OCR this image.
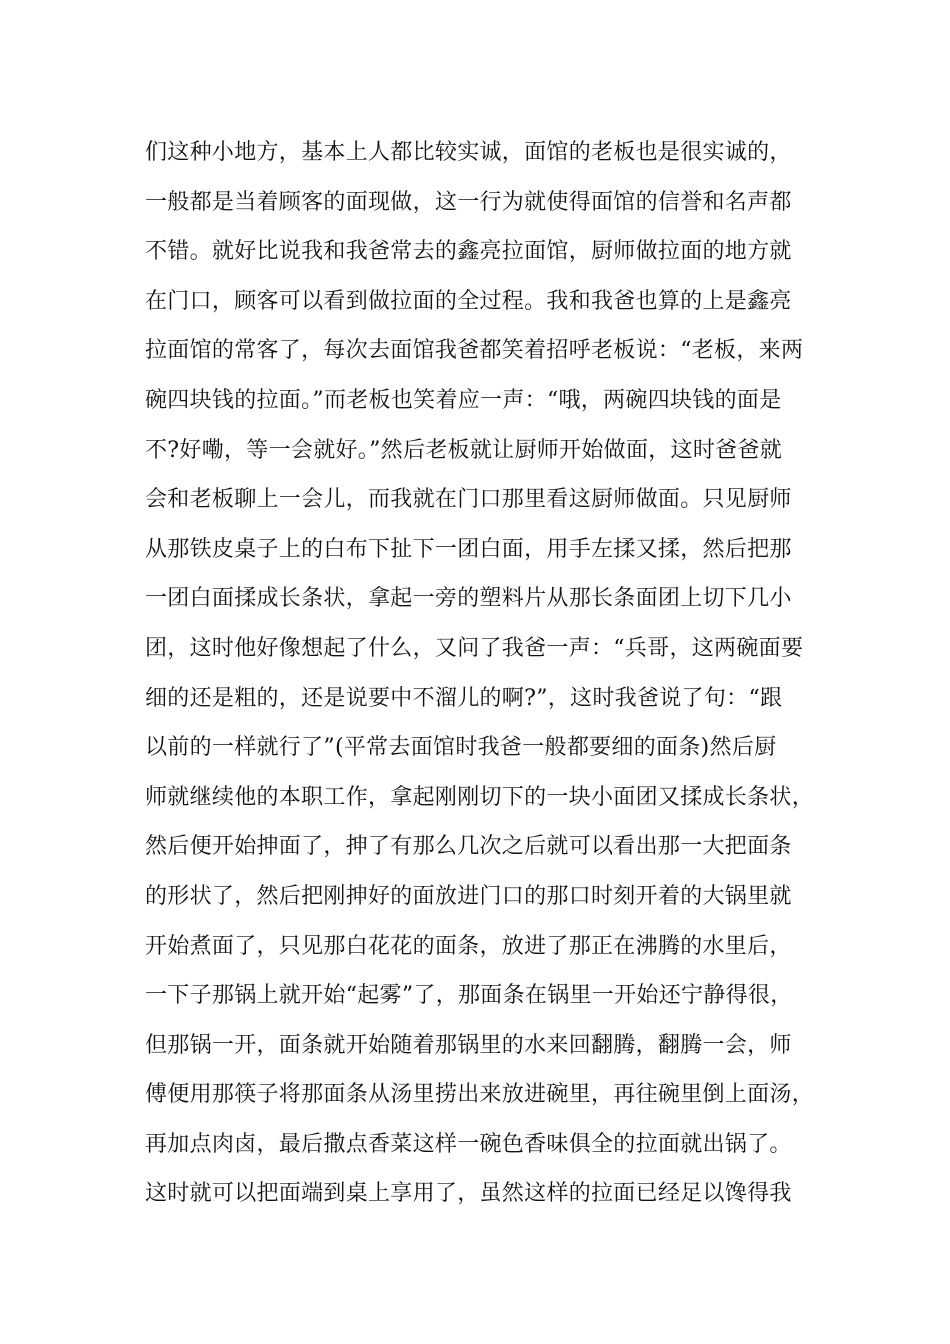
们这种小地方，基本上人都比较实诚，面馆的老板也是很实诚的，
一般都是当着顾客的面现做，这一行为就使得面馆的信誉和名声都
不错。就好比说我和我爸常去的鑫亮拉面馆，厨师做拉面的地方就
在门口，顾客可以看到做拉面的全过程。我和我爸也算的上是鑫亮
拉面馆的常客了，每次去面馆我爸都笑着招呼老板说：“老板，来两
碗四块钱的拉面。”而老板也笑着应一声：“哦，两碗四块钱的面是
不?好嘞，等一会就好。”然后老板就让厨师开始做面，这时爸爸就
会和老板聊上一会儿，而我就在门口那里看这厨师做面。只见厨师
从那铁皮桌子上的白布下扯下一团白面，用手左揉又揉，然后把那
一团白面揉成长条状，拿起一旁的塑料片从那长条面团上切下几小
团，这时他好像想起了什么，又问了我爸一声：“兵哥，这两碗面要
细的还是粗的，还是说要中不溜儿的啊?”，这时我爸说了句：“跟
以前的一样就行了”(平常去面馆时我爸一般都要细的面条)然后厨
师就继续他的本职工作，拿起刚刚切下的一块小面团又揉成长条状，
然后便开始抻面了，抻了有那么几次之后就可以看出那一大把面条
的形状了，然后把刚抻好的面放进门口的那口时刻开着的大锅里就
开始煮面了，只见那白花花的面条，放进了那正在沸腾的水里后，
一下子那锅上就开始“起雾”了，那面条在锅里一开始还宁静得很，
但那锅一开，面条就开始随着那锅里的水来回翻腾，翻腾一会，师
傅便用那筷子将那面条从汤里捞出来放进碗里，再往碗里倒上面汤，
再加点肉卤，最后撒点香菜这样一碗色香味俱全的拉面就出锅了。
这时就可以把面端到桌上享用了，虽然这样的拉面已经足以馋得我
